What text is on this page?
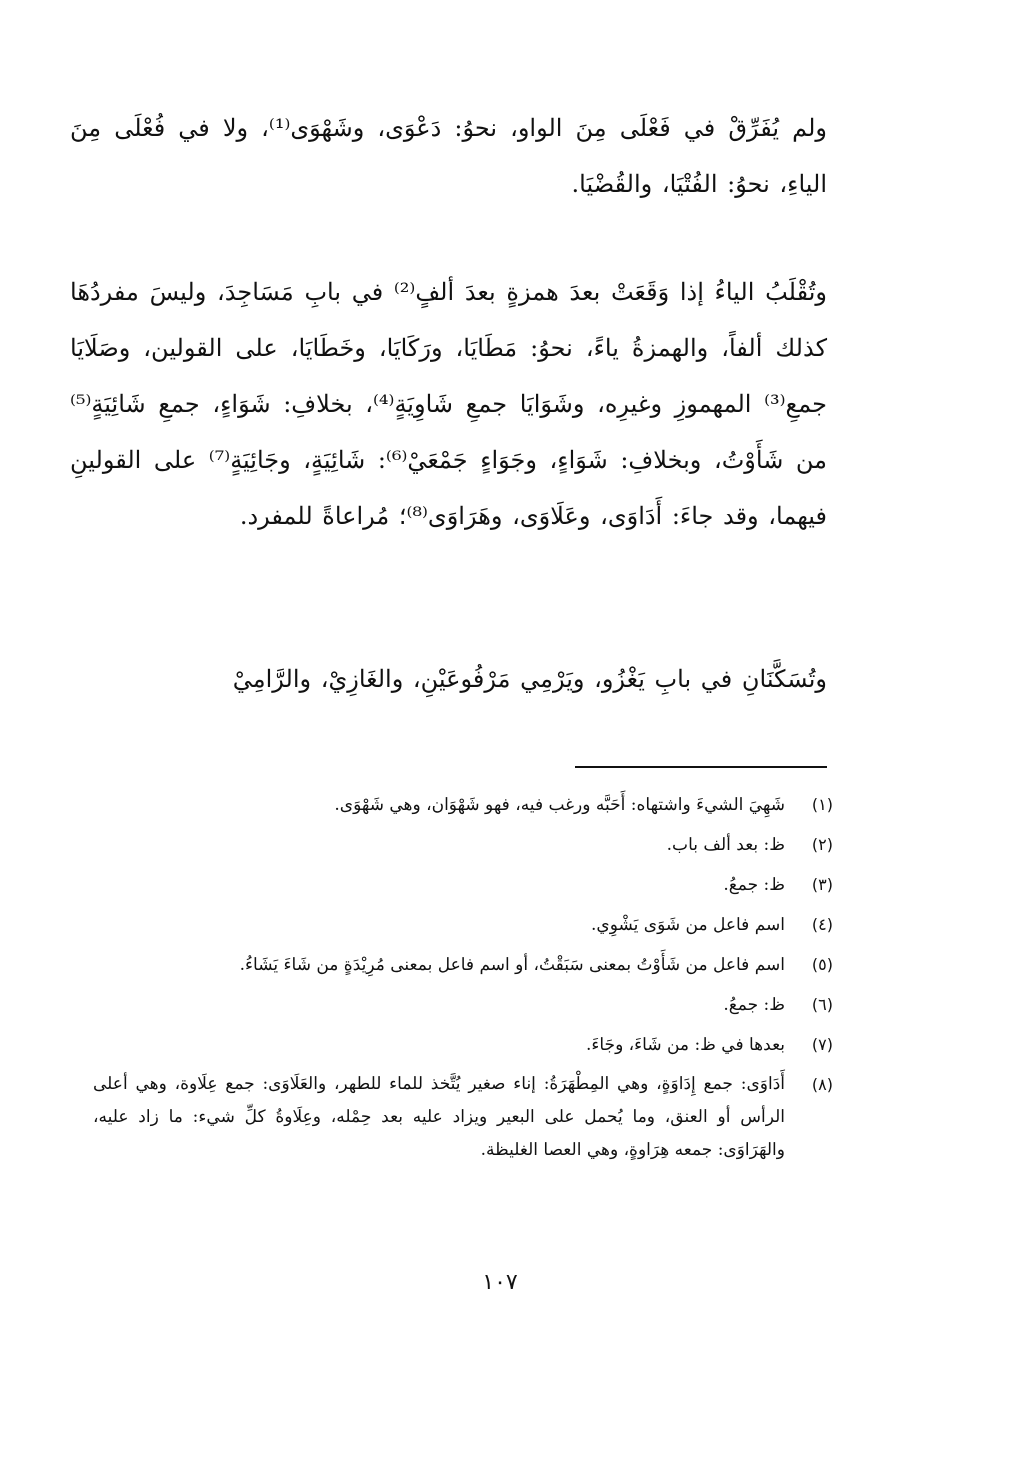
ولم يُفَرِّقْ في فَعْلَى مِنَ الواو، نحوُ: دَعْوَى، وشَهْوَى⁽¹⁾، ولا في فُعْلَى مِنَ الياءِ، نحوُ: الفُتْيَا، والقُضْيَا.

وتُقْلَبُ الياءُ إذا وَقَعَتْ بعدَ همزةٍ بعدَ ألفٍ⁽²⁾ في بابِ مَسَاجِدَ، وليسَ مفردُهَا كذلك ألفاً، والهمزةُ ياءً، نحوُ: مَطَايَا، ورَكَايَا، وخَطَايَا، على القولين، وصَلَايَا جمعِ⁽³⁾ المهموزِ وغيرِه، وشَوَايَا جمعِ شَاوِيَةٍ⁽⁴⁾، بخلافِ: شَوَاءٍ، جمعِ شَائِيَةٍ⁽⁵⁾ من شَأَوْتُ، وبخلافِ: شَوَاءٍ، وجَوَاءٍ جَمْعَيْ⁽⁶⁾: شَائِيَةٍ، وجَائِيَةٍ⁽⁷⁾ على القولينِ فيهما، وقد جاءَ: أَدَاوَى، وعَلَاوَى، وهَرَاوَى⁽⁸⁾؛ مُراعاةً للمفرد.

وتُسَكَّنَانِ في بابِ يَغْزُو، ويَرْمِي مَرْفُوعَيْنِ، والغَازِيْ، والرَّامِيْ

(١)
شَهِيَ الشيءَ واشتهاه: أَحَبَّه ورغب فيه، فهو شَهْوَان، وهي شَهْوَى.
(٢)
ظ: بعد ألف باب.
(٣)
ظ: جمعُ.
(٤)
اسم فاعل من شَوَى يَشْوِي.
(٥)
اسم فاعل من شَأَوْتُ بمعنى سَبَقْتُ، أو اسم فاعل بمعنى مُرِيْدَةٍ من شَاءَ يَشَاءُ.
(٦)
ظ: جمعُ.
(٧)
بعدها في ظ: من شَاءَ، وجَاءَ.
(٨)
أَدَاوَى: جمع إِدَاوَةٍ، وهي المِطْهَرَةُ: إناء صغير يُتَّخذ للماء للطهر، والعَلَاوَى: جمع عِلَاوة، وهي أعلى الرأس أو العنق، وما يُحمل على البعير ويزاد عليه بعد حِمْله، وعِلَاوةُ كلِّ شيء: ما زاد عليه، والهَرَاوَى: جمعه هِرَاوةٍ، وهي العصا الغليظة.
١٠٧
